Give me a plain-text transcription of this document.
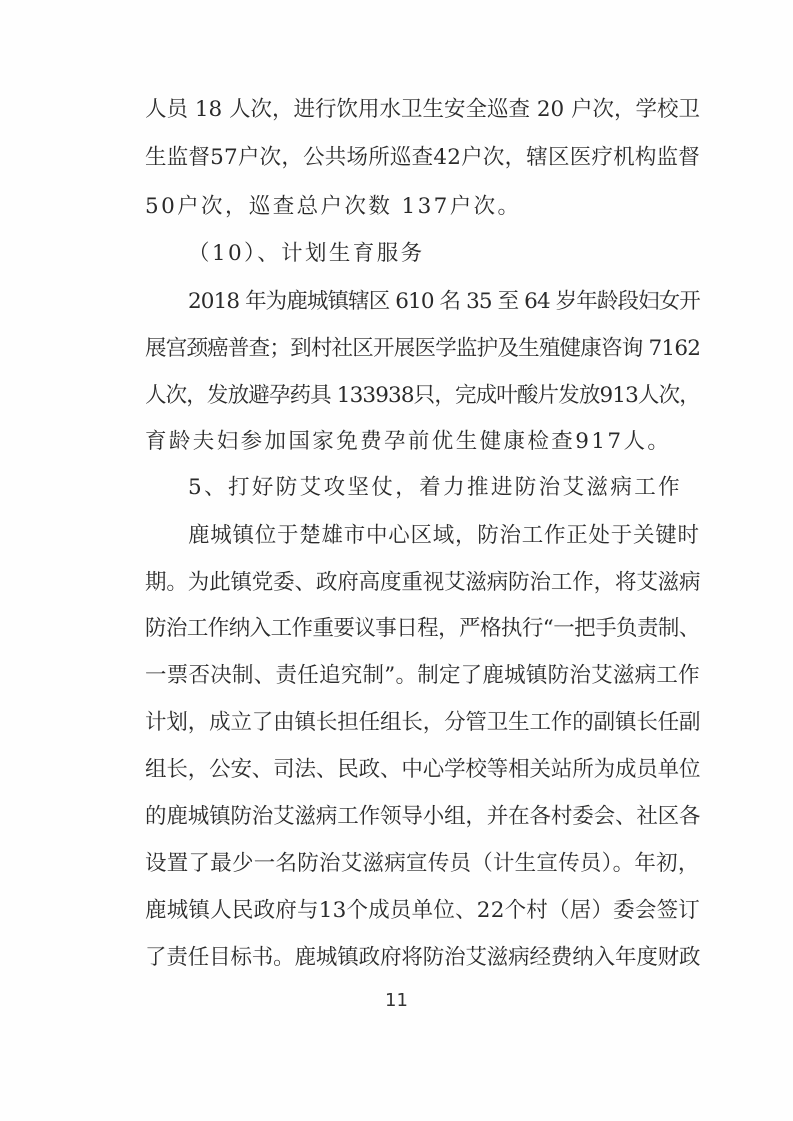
人员 18 人次，进行饮用水卫生安全巡查 20 户次，学校卫
生监督57户次，公共场所巡查42户次，辖区医疗机构监督
50户次，巡查总户次数 137户次。
（10）、计划生育服务
2018 年为鹿城镇辖区 610 名 35 至 64 岁年龄段妇女开
展宫颈癌普查；到村社区开展医学监护及生殖健康咨询 7162
人次，发放避孕药具 133938只，完成叶酸片发放913人次，
育龄夫妇参加国家免费孕前优生健康检查917人。
5、打好防艾攻坚仗，着力推进防治艾滋病工作
鹿城镇位于楚雄市中心区域，防治工作正处于关键时
期。为此镇党委、政府高度重视艾滋病防治工作，将艾滋病
防治工作纳入工作重要议事日程，严格执行“一把手负责制、
一票否决制、责任追究制”。制定了鹿城镇防治艾滋病工作
计划，成立了由镇长担任组长，分管卫生工作的副镇长任副
组长，公安、司法、民政、中心学校等相关站所为成员单位
的鹿城镇防治艾滋病工作领导小组，并在各村委会、社区各
设置了最少一名防治艾滋病宣传员（计生宣传员）。年初，
鹿城镇人民政府与13个成员单位、22个村（居）委会签订
了责任目标书。鹿城镇政府将防治艾滋病经费纳入年度财政
11
